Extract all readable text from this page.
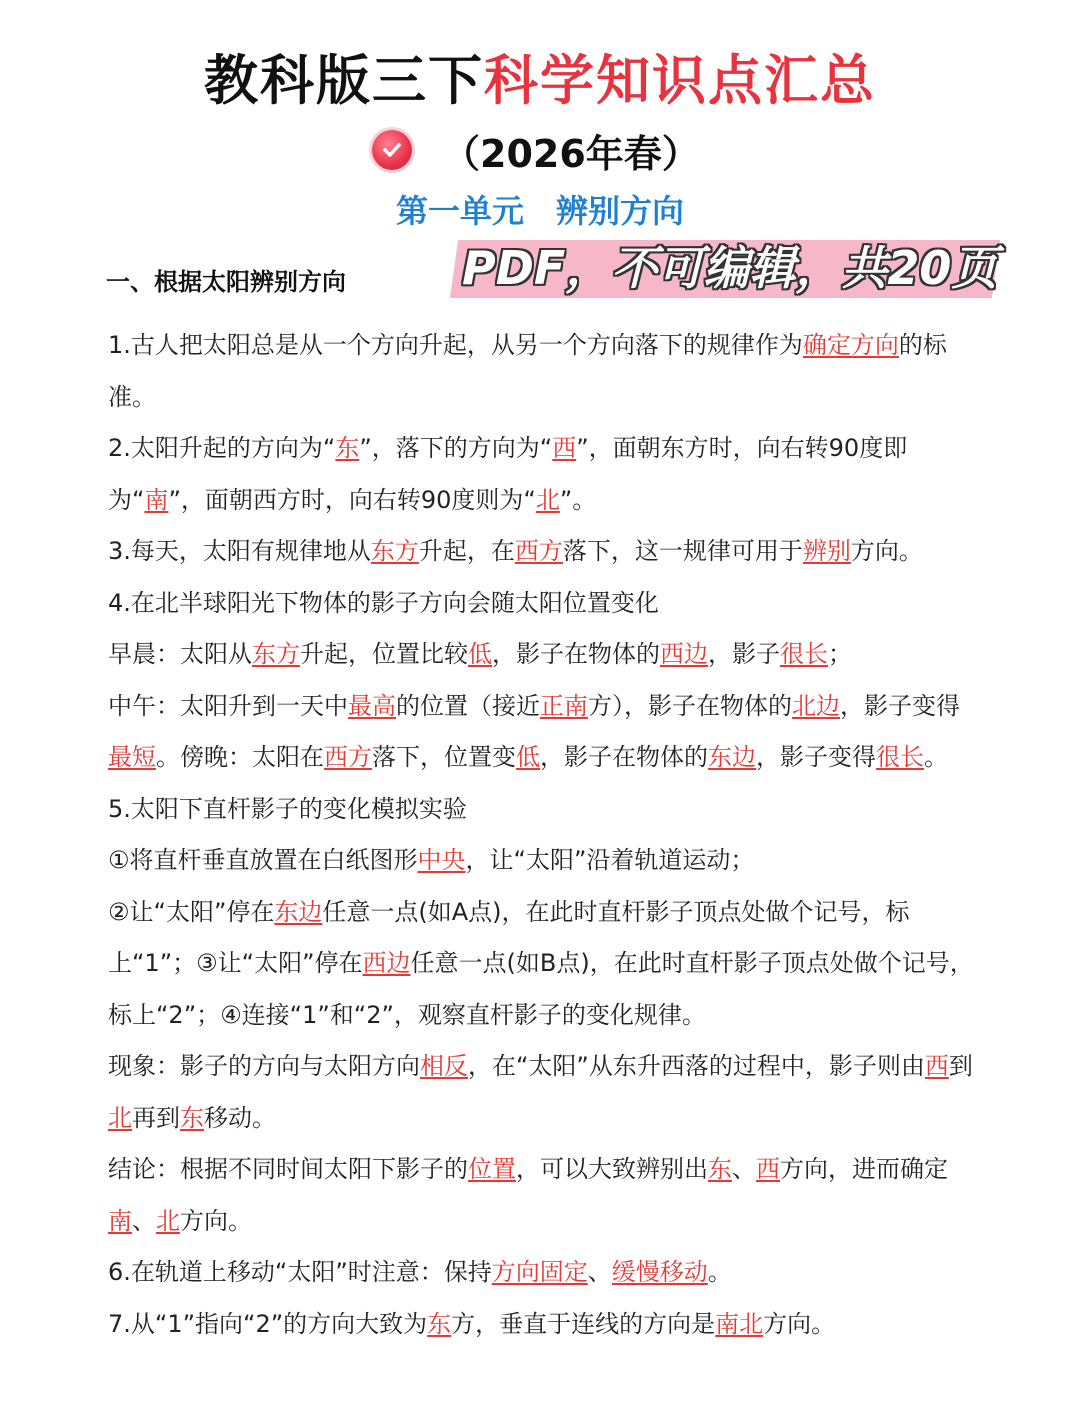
教科版三下科学知识点汇总
（2026年春）
第一单元　辨别方向
一、根据太阳辨别方向	PDF，不可编辑，共20页

1.古人把太阳总是从一个方向升起，从另一个方向落下的规律作为确定方向的标准。

2.太阳升起的方向为“东”，落下的方向为“西”，面朝东方时，向右转90度即为“南”，面朝西方时，向右转90度则为“北”。

3.每天，太阳有规律地从东方升起，在西方落下，这一规律可用于辨别方向。

4.在北半球阳光下物体的影子方向会随太阳位置变化

早晨：太阳从东方升起，位置比较低，影子在物体的西边，影子很长；

中午：太阳升到一天中最高的位置（接近正南方），影子在物体的北边，影子变得最短。傍晚：太阳在西方落下，位置变低，影子在物体的东边，影子变得很长。

5.太阳下直杆影子的变化模拟实验

①将直杆垂直放置在白纸图形中央，让“太阳”沿着轨道运动；

②让“太阳”停在东边任意一点(如A点)，在此时直杆影子顶点处做个记号，标上“1”；③让“太阳”停在西边任意一点(如B点)，在此时直杆影子顶点处做个记号，标上“2”；④连接“1”和“2”，观察直杆影子的变化规律。

现象：影子的方向与太阳方向相反，在“太阳”从东升西落的过程中，影子则由西到北再到东移动。

结论：根据不同时间太阳下影子的位置，可以大致辨别出东、西方向，进而确定南、北方向。

6.在轨道上移动“太阳”时注意：保持方向固定、缓慢移动。

7.从“1”指向“2”的方向大致为东方，垂直于连线的方向是南北方向。
